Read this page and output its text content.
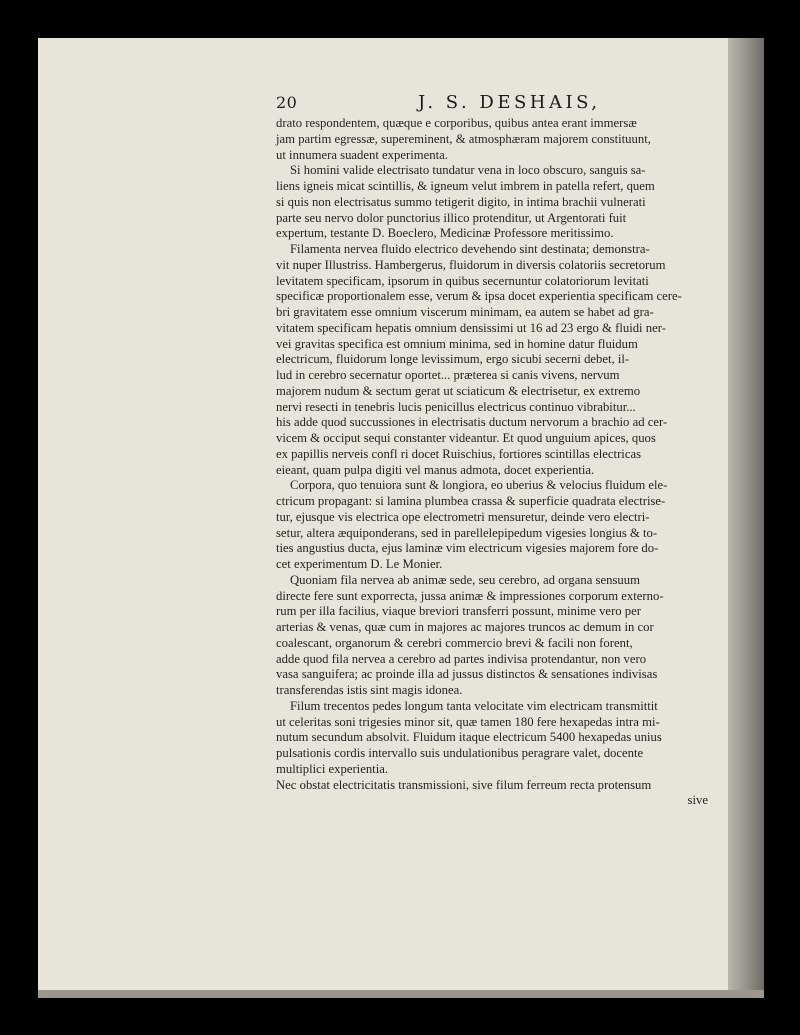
20	J. S. DESHAIS,
drato respondentem, quæque e corporibus, quibus antea erant immersæ
jam partim egressæ, supereminent, & atmosphæram majorem constituunt,
ut innumera suadent experimenta.
Si homini valide electrisato tundatur vena in loco obscuro, sanguis sa-
liens igneis micat scintillis, & igneum velut imbrem in patella refert, quem
si quis non electrisatus summo tetigerit digito, in intima brachii vulnerati
parte seu nervo dolor punctorius illico protenditur, ut Argentorati fuit
expertum, testante D. Boeclero, Medicinæ Professore meritissimo.
Filamenta nervea fluido electrico devehendo sint destinata; demonstra-
vit nuper Illustriss. Hambergerus, fluidorum in diversis colatoriis secretorum
levitatem specificam, ipsorum in quibus secernuntur colatoriorum levitati
specificæ proportionalem esse, verum & ipsa docet experientia specificam cere-
bri gravitatem esse omnium viscerum minimam, ea autem se habet ad gra-
vitatem specificam hepatis omnium densissimi ut 16 ad 23 ergo & fluidi ner-
vei gravitas specifica est omnium minima, sed in homine datur fluidum
electricum, fluidorum longe levissimum, ergo sicubi secerni debet, il-
lud in cerebro secernatur oportet... præterea si canis vivens, nervum
majorem nudum & sectum gerat ut sciaticum & electrisetur, ex extremo
nervi resecti in tenebris lucis penicillus electricus continuo vibrabitur...
his adde quod succussiones in electrisatis ductum nervorum a brachio ad cer-
vicem & occiput sequi constanter videantur. Et quod unguium apices, quos
ex papillis nerveis confl ri docet Ruischius, fortiores scintillas electricas
eieant, quam pulpa digiti vel manus admota, docet experientia.
Corpora, quo tenuiora sunt & longiora, eo uberius & velocius fluidum ele-
ctricum propagant: si lamina plumbea crassa & superficie quadrata electrise-
tur, ejusque vis electrica ope electrometri mensuretur, deinde vero electri-
setur, altera æquiponderans, sed in parellelepipedum vigesies longius & to-
ties angustius ducta, ejus laminæ vim electricum vigesies majorem fore do-
cet experimentum D. Le Monier.
Quoniam fila nervea ab animæ sede, seu cerebro, ad organa sensuum
directe fere sunt exporrecta, jussa animæ & impressiones corporum externo-
rum per illa facilius, viaque breviori transferri possunt, minime vero per
arterias & venas, quæ cum in majores ac majores truncos ac demum in cor
coalescant, organorum & cerebri commercio brevi & facili non forent,
adde quod fila nervea a cerebro ad partes indivisa protendantur, non vero
vasa sanguifera; ac proinde illa ad jussus distinctos & sensationes indivisas
transferendas istis sint magis idonea.
Filum trecentos pedes longum tanta velocitate vim electricam transmittit
ut celeritas soni trigesies minor sit, quæ tamen 180 fere hexapedas intra mi-
nutum secundum absolvit. Fluidum itaque electricum 5400 hexapedas unius
pulsationis cordis intervallo suis undulationibus peragrare valet, docente
multiplici experientia.
Nec obstat electricitatis transmissioni, sive filum ferreum recta protensum
sive
